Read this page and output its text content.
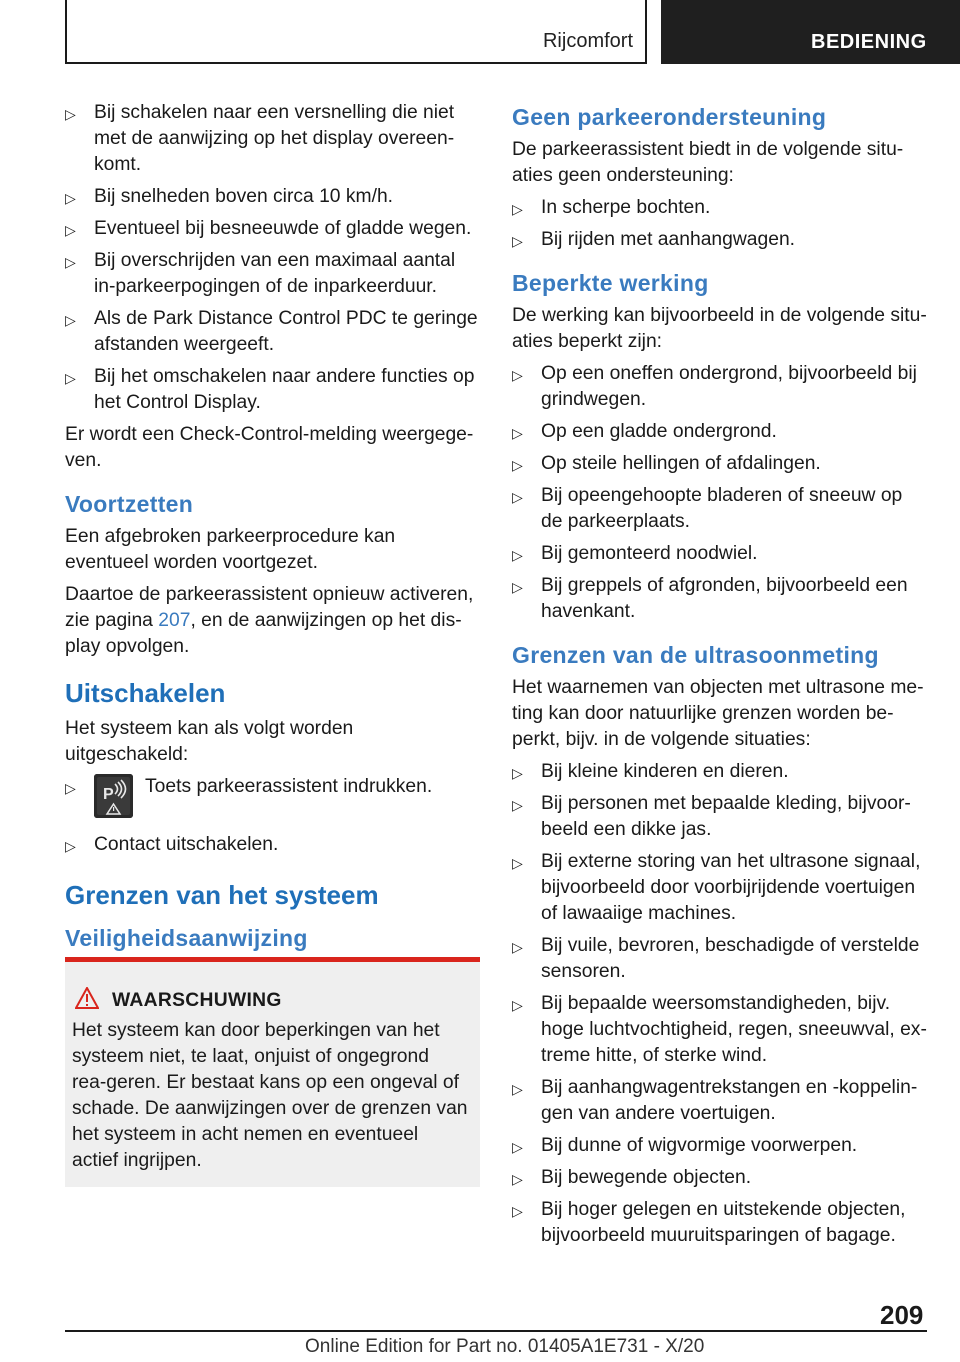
Rijcomfort	BEDIENING
▷ Bij schakelen naar een versnelling die niet met de aanwijzing op het display overeen-komt.
▷ Bij snelheden boven circa 10 km/h.
▷ Eventueel bij besneeuwde of gladde wegen.
▷ Bij overschrijden van een maximaal aantal in-parkeerpogingen of de inparkeerduur.
▷ Als de Park Distance Control PDC te geringe afstanden weergeeft.
▷ Bij het omschakelen naar andere functies op het Control Display.

Er wordt een Check-Control-melding weergege-ven.

Voortzetten

Een afgebroken parkeerprocedure kan eventueel worden voortgezet.

Daartoe de parkeerassistent opnieuw activeren, zie pagina 207, en de aanwijzingen op het dis-play opvolgen.

Uitschakelen

Het systeem kan als volgt worden uitgeschakeld:

▷ P Toets parkeerassistent indrukken.
▷ Contact uitschakelen.
Grenzen van het systeem
Veiligheidsaanwijzing
WAARSCHUWING
Het systeem kan door beperkingen van het systeem niet, te laat, onjuist of ongegrond rea-geren. Er bestaat kans op een ongeval of schade. De aanwijzingen over de grenzen van het systeem in acht nemen en eventueel actief ingrijpen.
Geen parkeerondersteuning

De parkeerassistent biedt in de volgende situ-aties geen ondersteuning:

▷ In scherpe bochten.
▷ Bij rijden met aanhangwagen.
Beperkte werking

De werking kan bijvoorbeeld in de volgende situ-aties beperkt zijn:

▷ Op een oneffen ondergrond, bijvoorbeeld bij grindwegen.
▷ Op een gladde ondergrond.
▷ Op steile hellingen of afdalingen.
▷ Bij opeengehoopte bladeren of sneeuw op de parkeerplaats.
▷ Bij gemonteerd noodwiel.
▷ Bij greppels of afgronden, bijvoorbeeld een havenkant.
Grenzen van de ultrasoonmeting

Het waarnemen van objecten met ultrasone me-ting kan door natuurlijke grenzen worden be-perkt, bijv. in de volgende situaties:

▷ Bij kleine kinderen en dieren.
▷ Bij personen met bepaalde kleding, bijvoor-beeld een dikke jas.
▷ Bij externe storing van het ultrasone signaal, bijvoorbeeld door voorbijrijdende voertuigen of lawaaiige machines.
▷ Bij vuile, bevroren, beschadigde of verstelde sensoren.
▷ Bij bepaalde weersomstandigheden, bijv. hoge luchtvochtigheid, regen, sneeuwval, ex-treme hitte, of sterke wind.
▷ Bij aanhangwagentrekstangen en -koppelin-gen van andere voertuigen.
▷ Bij dunne of wigvormige voorwerpen.
▷ Bij bewegende objecten.
▷ Bij hoger gelegen en uitstekende objecten, bijvoorbeeld muuruitsparingen of bagage.
209
Online Edition for Part no. 01405A1E731 - X/20
